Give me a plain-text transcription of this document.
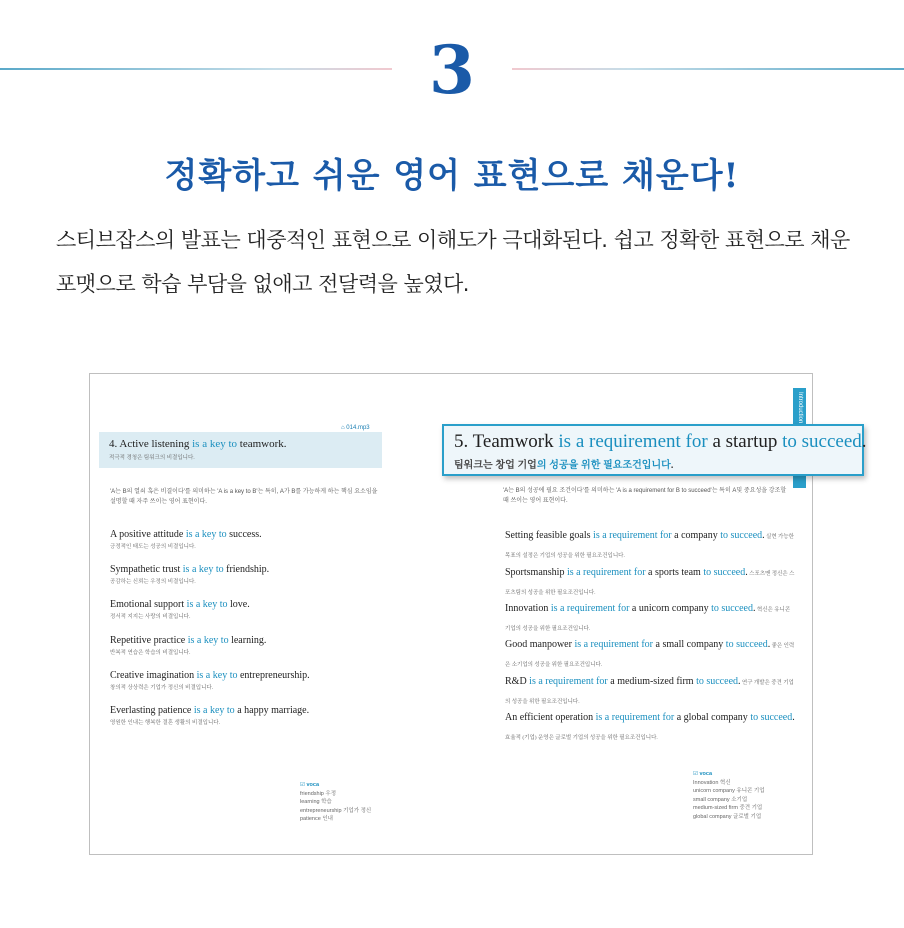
3
정확하고 쉬운 영어 표현으로 채운다!

스티브잡스의 발표는 대중적인 표현으로 이해도가 극대화된다. 쉽고 정확한 표현으로 채운 포맷으로 학습 부담을 없애고 전달력을 높였다.

⌂ 014.mp3
4. Active listening is a key to teamwork.
적극적 경청은 팀워크의 비결입니다.
'A는 B의 열쇠 혹은 비결이다'를 의미하는 'A is a key to B'는 특히, A가 B를 가능하게 하는 핵심 요소임을 설명할 때 자주 쓰이는 영어 표현이다.
A positive attitude is a key to success.
긍정적인 태도는 성공의 비결입니다.
Sympathetic trust is a key to friendship.
공감하는 신뢰는 우정의 비결입니다.
Emotional support is a key to love.
정서적 지지는 사랑의 비결입니다.
Repetitive practice is a key to learning.
반복적 연습은 학습의 비결입니다.
Creative imagination is a key to entrepreneurship.
창의적 상상력은 기업가 정신의 비결입니다.
Everlasting patience is a key to a happy marriage.
영원한 인내는 행복한 결혼 생활의 비결입니다.
☑ voca
friendship 우정
learning 학습
entrepreneurship 기업가 정신
patience 인내
☑ voca
Innovation 혁신
unicorn company 유니콘 기업
small company 소기업
medium-sized firm 중견 기업
global company 글로벌 기업
Introduction
5. Teamwork is a requirement for a startup to succeed.
팀워크는 창업 기업의 성공을 위한 필요조건입니다.
'A는 B의 성공에 필요 조건이다'를 의미하는 'A is a requirement for B to succeed'는 특히 A및 중요성을 강조할 때 쓰이는 영어 표현이다.
Setting feasible goals is a requirement for a company to succeed. 실현 가능한 목표의 설정은 기업의 성공을 위한 필요조건입니다.
Sportsmanship is a requirement for a sports team to succeed. 스포츠맨 정신은 스포츠팀의 성공을 위한 필요조건입니다.
Innovation is a requirement for a unicorn company to succeed. 혁신은 유니콘 기업의 성공을 위한 필요조건입니다.
Good manpower is a requirement for a small company to succeed. 좋은 인력은 소기업의 성공을 위한 필요조건입니다.
R&D is a requirement for a medium-sized firm to succeed. 연구 개발은 중견 기업의 성공을 위한 필요조건입니다.
An efficient operation is a requirement for a global company to succeed. 효율적 (기업) 운영은 글로벌 기업의 성공을 위한 필요조건입니다.
